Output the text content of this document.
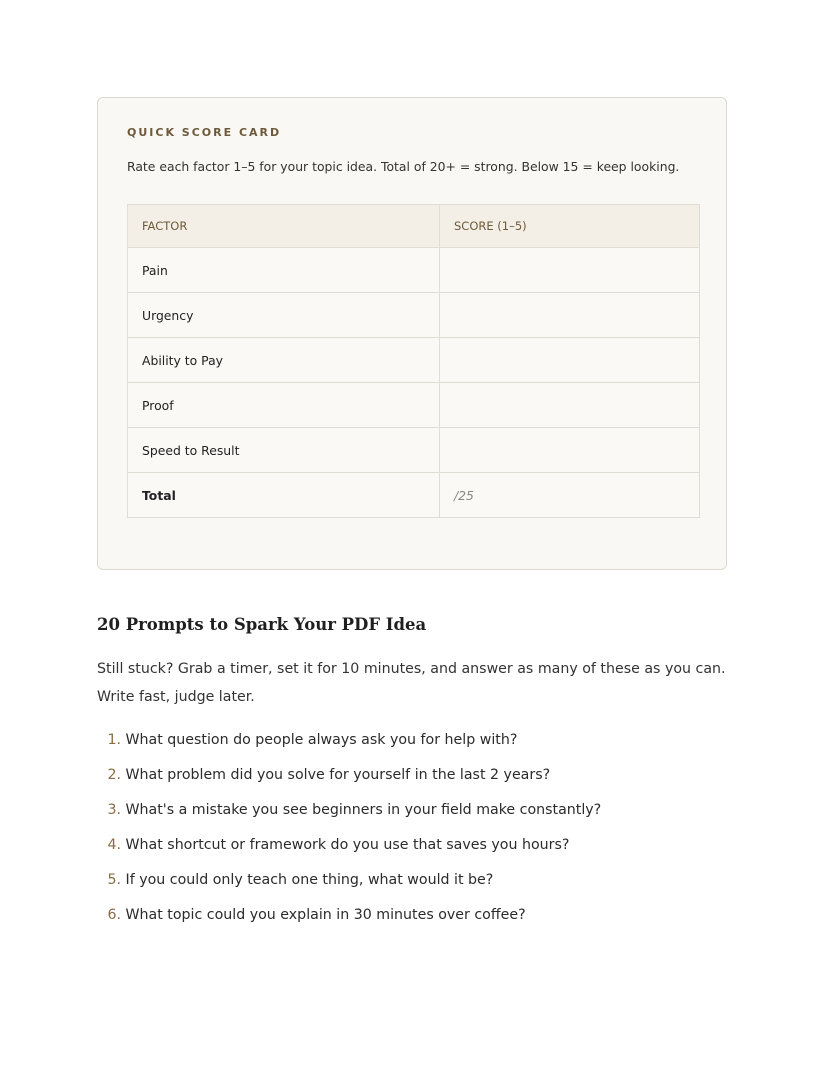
QUICK SCORE CARD
Rate each factor 1–5 for your topic idea. Total of 20+ = strong. Below 15 = keep looking.
FACTOR	SCORE (1–5)
Pain	
Urgency	
Ability to Pay	
Proof	
Speed to Result	
Total	/25
20 Prompts to Spark Your PDF Idea

Still stuck? Grab a timer, set it for 10 minutes, and answer as many of these as you can. Write fast, judge later.

1. What question do people always ask you for help with?
2. What problem did you solve for yourself in the last 2 years?
3. What's a mistake you see beginners in your field make constantly?
4. What shortcut or framework do you use that saves you hours?
5. If you could only teach one thing, what would it be?
6. What topic could you explain in 30 minutes over coffee?
